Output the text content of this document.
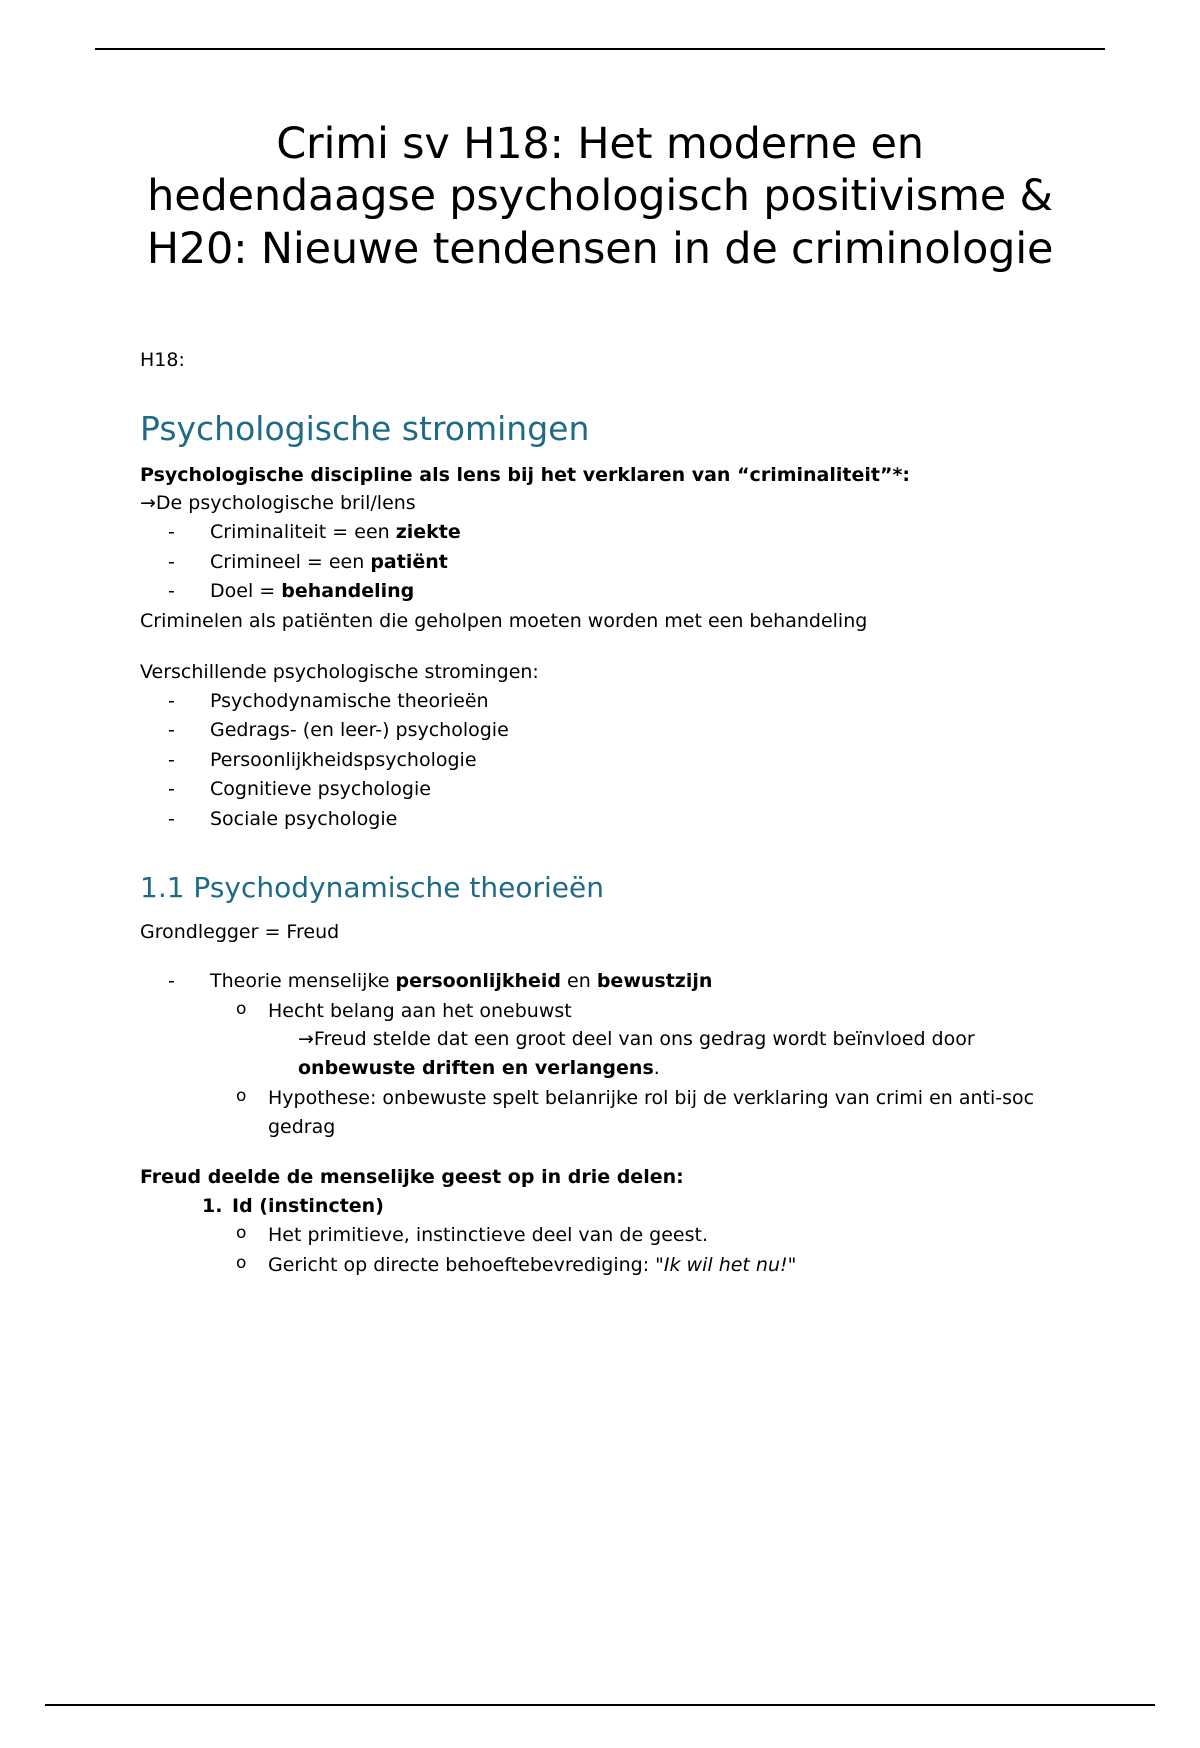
Crimi sv H18: Het moderne en hedendaagse psychologisch positivisme & H20: Nieuwe tendensen in de criminologie

H18:

Psychologische stromingen

Psychologische discipline als lens bij het verklaren van “criminaliteit”*:

→De psychologische bril/lens

- Criminaliteit = een ziekte
- Crimineel = een patiënt
- Doel = behandeling

Criminelen als patiënten die geholpen moeten worden met een behandeling

Verschillende psychologische stromingen:

- Psychodynamische theorieën
- Gedrags- (en leer-) psychologie
- Persoonlijkheidspsychologie
- Cognitieve psychologie
- Sociale psychologie
1.1 Psychodynamische theorieën

Grondlegger = Freud

- Theorie menselijke persoonlijkheid en bewustzijn
o Hecht belang aan het onebuwst
→Freud stelde dat een groot deel van ons gedrag wordt beïnvloed door onbewuste driften en verlangens.
o Hypothese: onbewuste spelt belanrijke rol bij de verklaring van crimi en anti-soc gedrag

Freud deelde de menselijke geest op in drie delen:

Id (instincten)
o Het primitieve, instinctieve deel van de geest.
o Gericht op directe behoeftebevrediging: "Ik wil het nu!"
